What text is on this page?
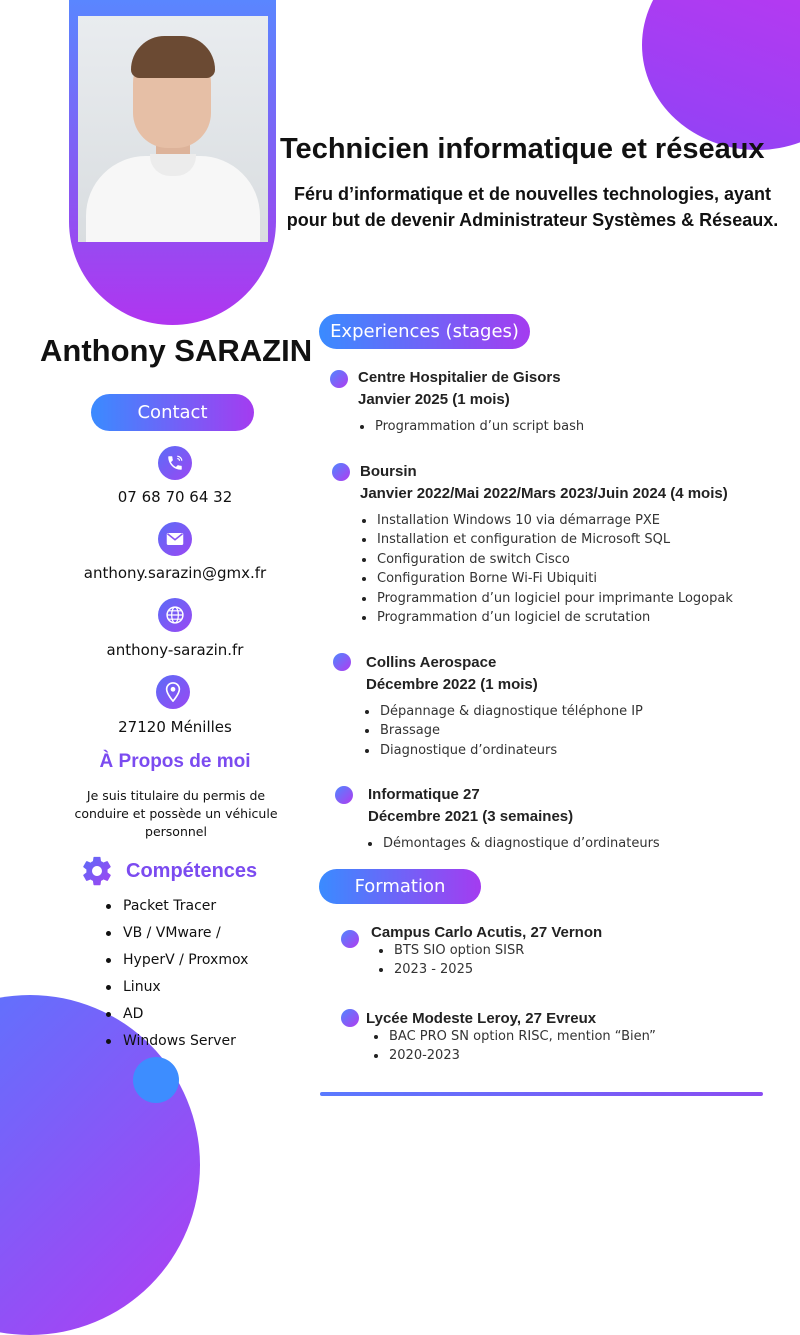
Technicien informatique et réseaux
Féru d’informatique et de nouvelles technologies, ayant pour but de devenir Administrateur Systèmes & Réseaux.
Anthony SARAZIN
Contact
07 68 70 64 32
anthony.sarazin@gmx.fr
anthony-sarazin.fr
27120 Ménilles
À Propos de moi
Je suis titulaire du permis de conduire et possède un véhicule personnel
Compétences
Packet Tracer
VB / VMware /
HyperV / Proxmox
Linux
AD
Windows Server
Experiences (stages)
Centre Hospitalier de Gisors
Janvier 2025 (1 mois)
Programmation d’un script bash
Boursin
Janvier 2022/Mai 2022/Mars 2023/Juin 2024 (4 mois)
Installation Windows 10 via démarrage PXE
Installation et configuration de Microsoft SQL
Configuration de switch Cisco
Configuration Borne Wi-Fi Ubiquiti
Programmation d’un logiciel pour imprimante Logopak
Programmation d’un logiciel de scrutation
Collins Aerospace
Décembre 2022 (1 mois)
Dépannage & diagnostique téléphone IP
Brassage
Diagnostique d’ordinateurs
Informatique 27
Décembre 2021 (3 semaines)
Démontages & diagnostique d’ordinateurs
Formation
Campus Carlo Acutis, 27 Vernon
BTS SIO option SISR
2023 - 2025
Lycée Modeste Leroy, 27 Evreux
BAC PRO SN option RISC, mention “Bien”
2020-2023
